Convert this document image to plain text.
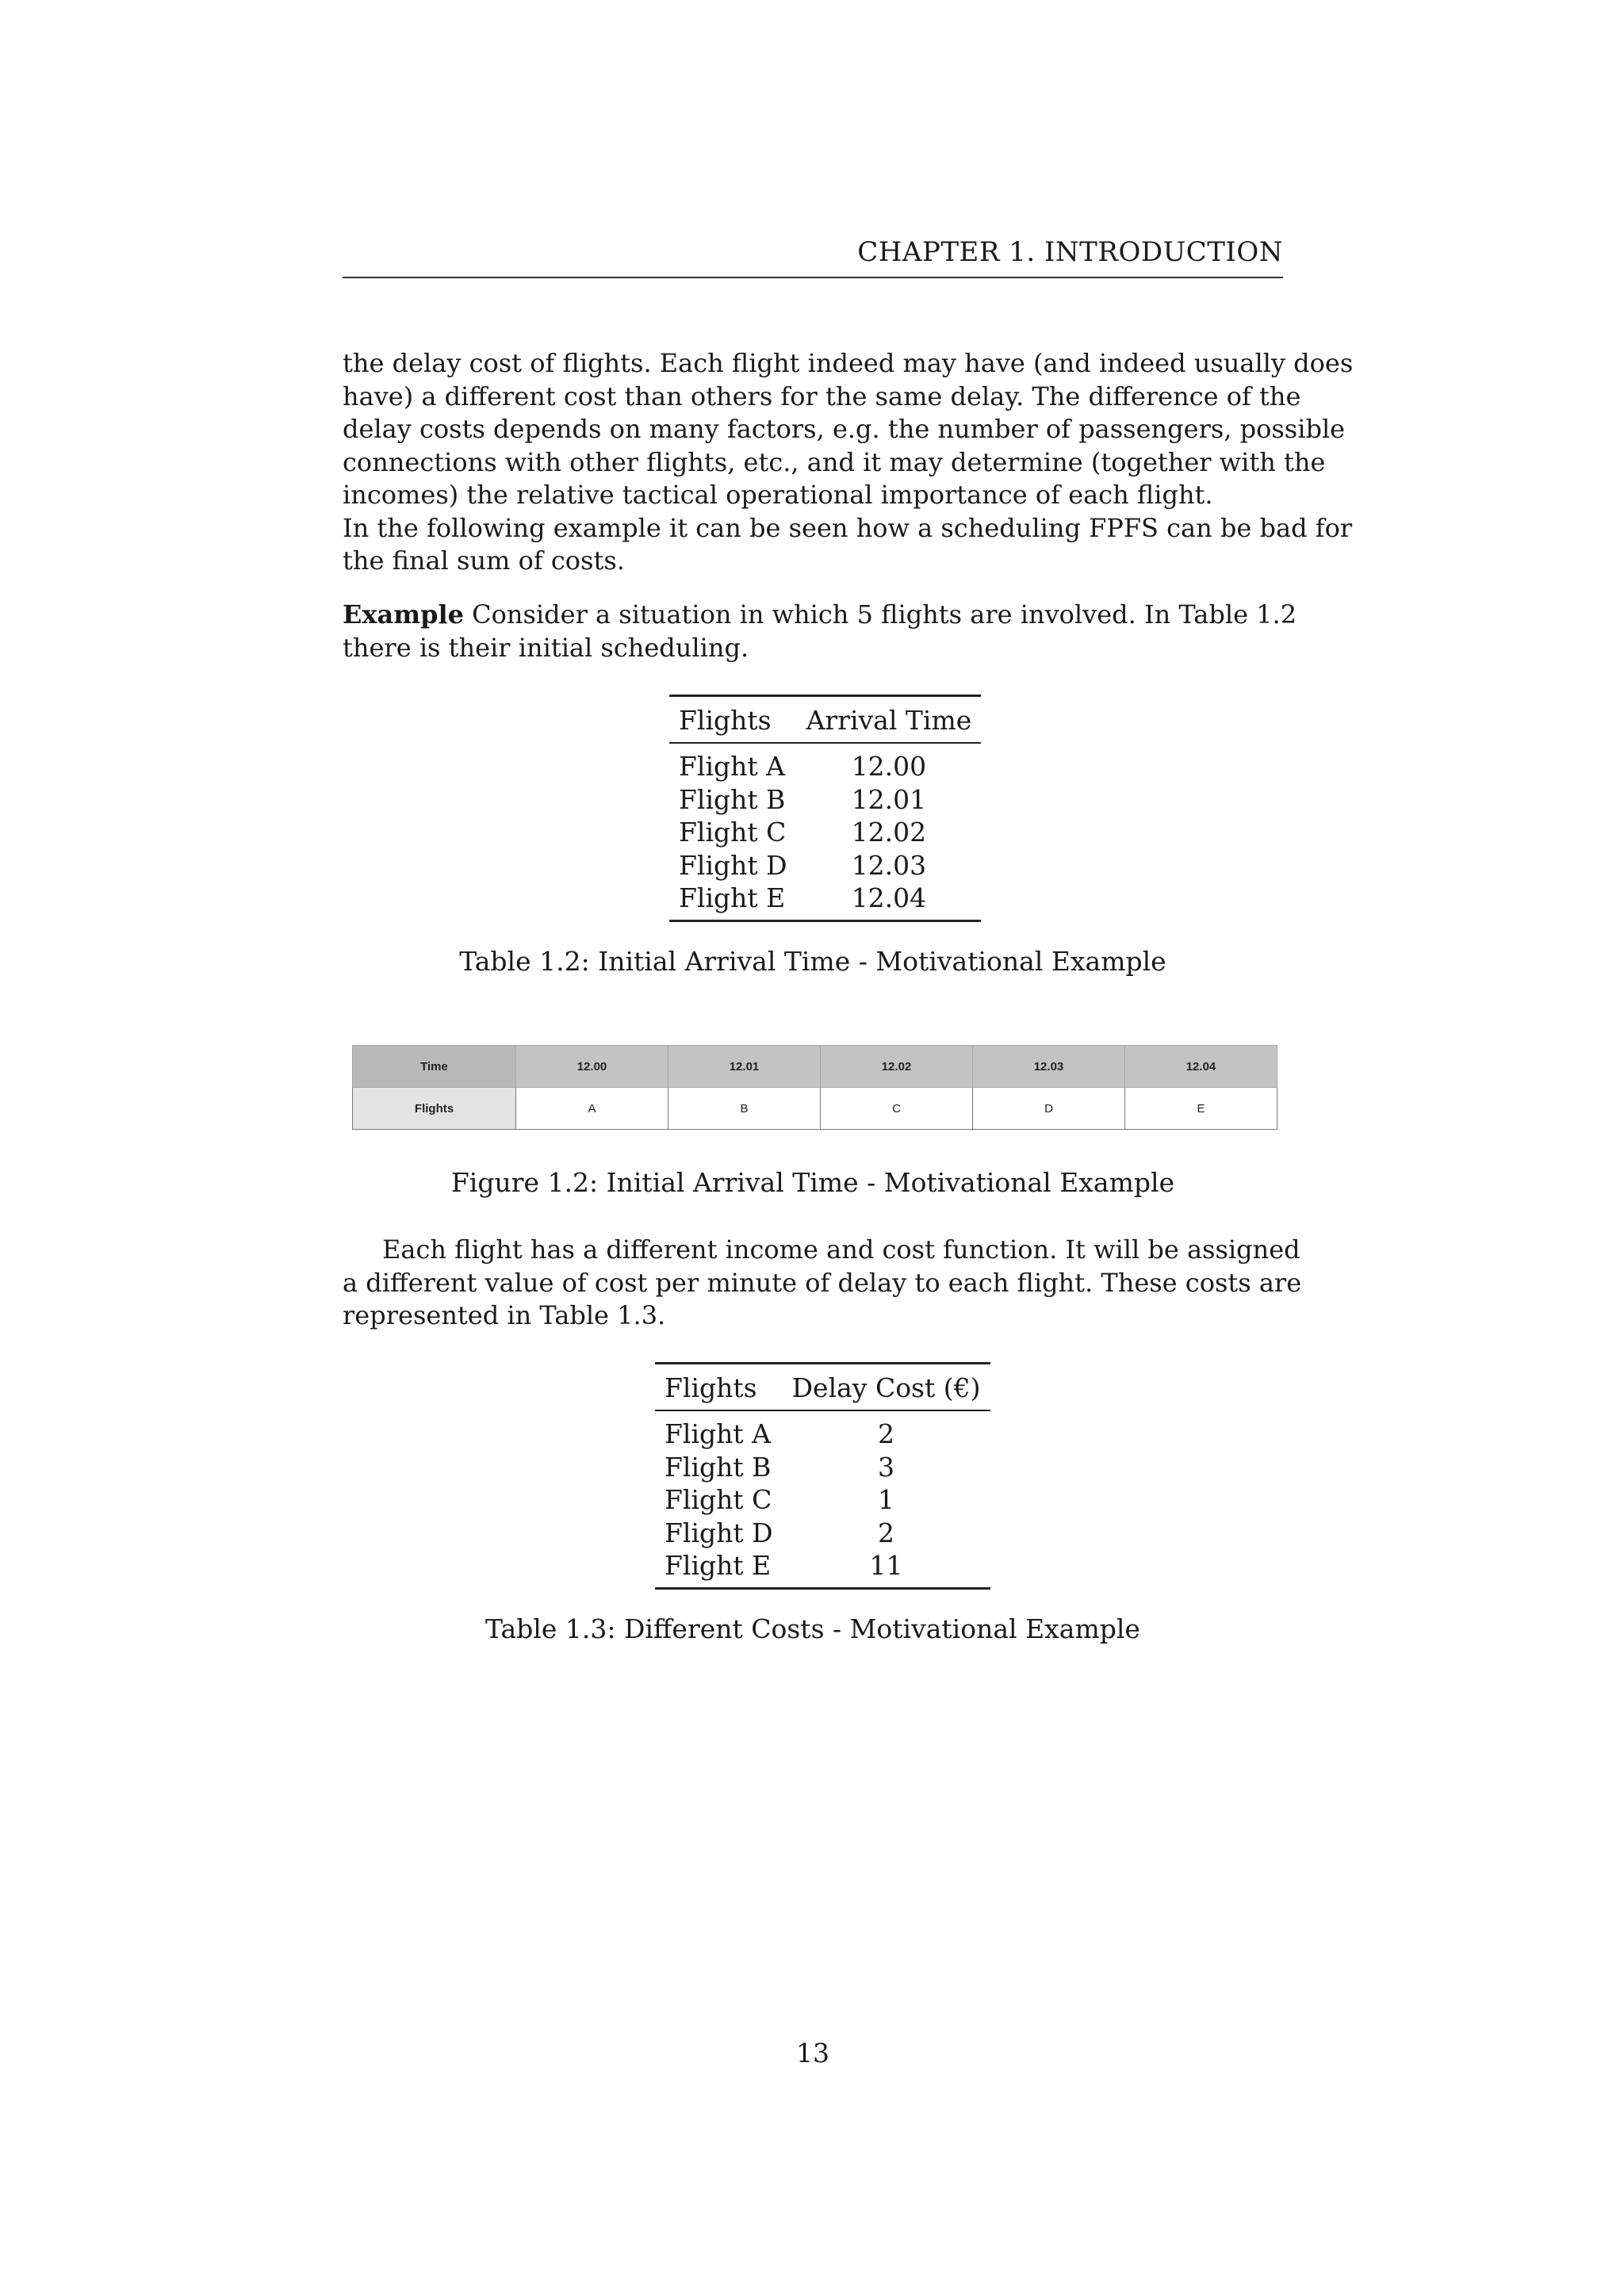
CHAPTER 1. INTRODUCTION
the delay cost of flights. Each flight indeed may have (and indeed usually does
have) a different cost than others for the same delay. The difference of the
delay costs depends on many factors, e.g. the number of passengers, possible
connections with other flights, etc., and it may determine (together with the
incomes) the relative tactical operational importance of each flight.
In the following example it can be seen how a scheduling FPFS can be bad for
the final sum of costs.
Example Consider a situation in which 5 flights are involved. In Table 1.2
there is their initial scheduling.
Flights	Arrival Time
Flight A	12.00
Flight B	12.01
Flight C	12.02
Flight D	12.03
Flight E	12.04
Table 1.2: Initial Arrival Time - Motivational Example
Time	12.00	12.01	12.02	12.03	12.04
Flights	A	B	C	D	E
Figure 1.2: Initial Arrival Time - Motivational Example
Each flight has a different income and cost function. It will be assigned
a different value of cost per minute of delay to each flight. These costs are
represented in Table 1.3.
Flights	Delay Cost (€)
Flight A	2
Flight B	3
Flight C	1
Flight D	2
Flight E	11
Table 1.3: Different Costs - Motivational Example
13
